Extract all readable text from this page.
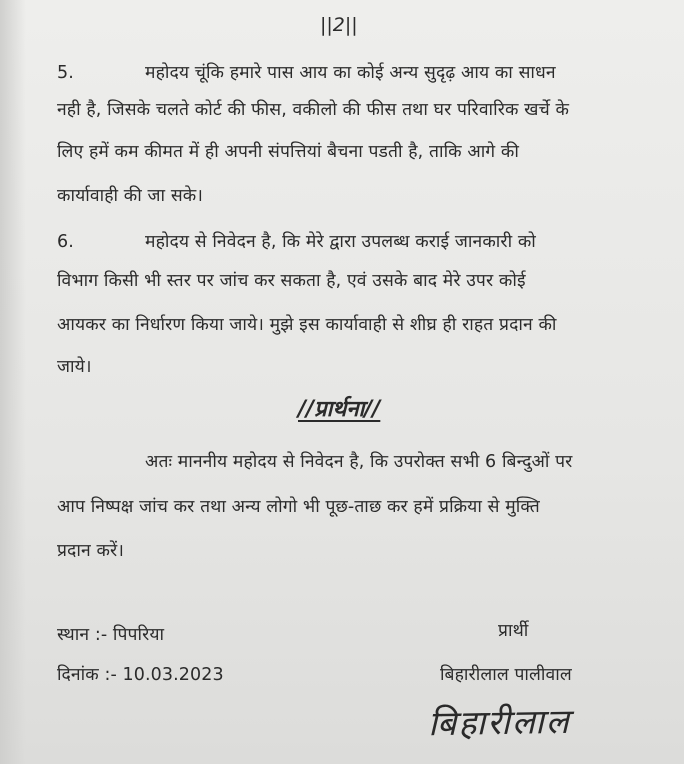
||2||
5.	महोदय चूंकि हमारे पास आय का कोई अन्य सुदृढ़ आय का साधन
नही है, जिसके चलते कोर्ट की फीस, वकीलो की फीस तथा घर परिवारिक खर्चे के
लिए हमें कम कीमत में ही अपनी संपत्तियां बैचना पडती है, ताकि आगे की
कार्यावाही की जा सके।
6.	महोदय से निवेदन है, कि मेरे द्वारा उपलब्ध कराई जानकारी को
विभाग किसी भी स्तर पर जांच कर सकता है, एवं उसके बाद मेरे उपर कोई
आयकर का निर्धारण किया जाये। मुझे इस कार्यावाही से शीघ्र ही राहत प्रदान की
जाये।
//प्रार्थना//
अतः माननीय महोदय से निवेदन है, कि उपरोक्त सभी 6 बिन्दुओं पर
आप निष्पक्ष जांच कर तथा अन्य लोगो भी पूछ-ताछ कर हमें प्रक्रिया से मुक्ति
प्रदान करें।
स्थान :- पिपरिया	प्रार्थी
दिनांक :- 10.03.2023	बिहारीलाल पालीवाल
बिहारीलाल
